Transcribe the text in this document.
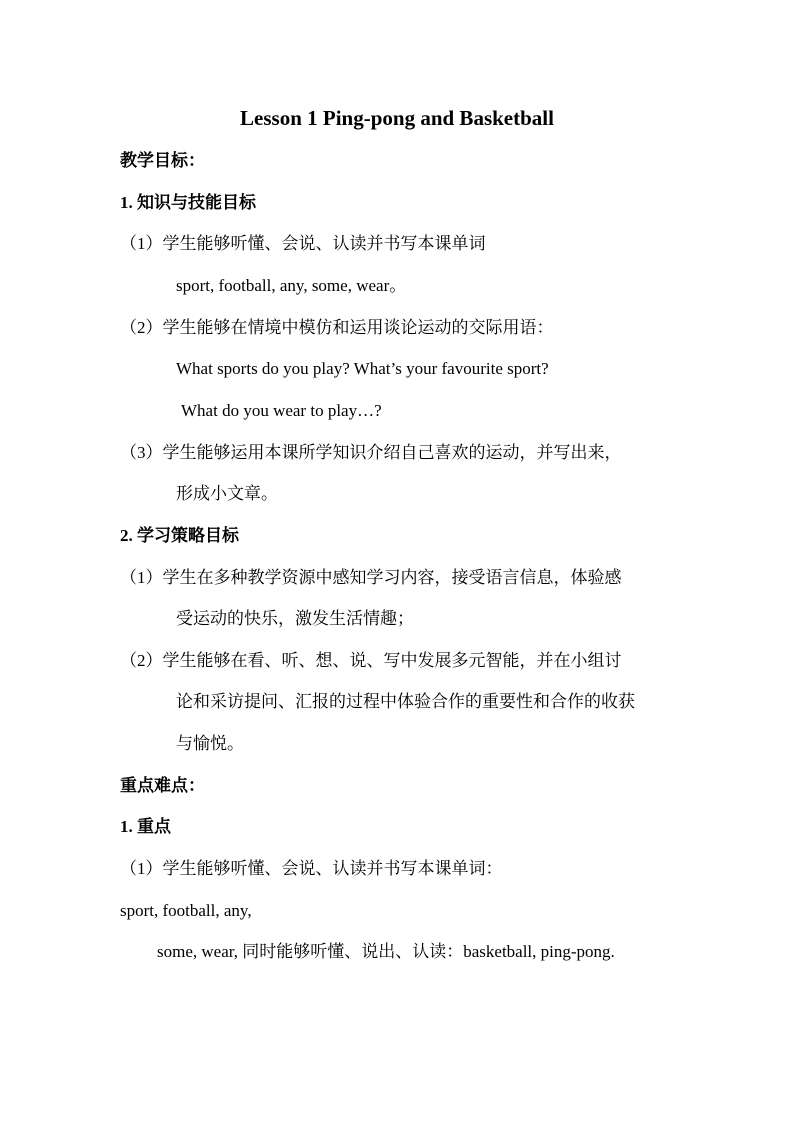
Lesson 1 Ping-pong and Basketball
教学目标：
1. 知识与技能目标
（1）学生能够听懂、会说、认读并书写本课单词
sport, football, any, some, wear。
（2）学生能够在情境中模仿和运用谈论运动的交际用语：
What sports do you play? What’s your favourite sport?
What do you wear to play…?
（3）学生能够运用本课所学知识介绍自己喜欢的运动，并写出来，
形成小文章。
2. 学习策略目标
（1）学生在多种教学资源中感知学习内容，接受语言信息，体验感
受运动的快乐，激发生活情趣；
（2）学生能够在看、听、想、说、写中发展多元智能，并在小组讨
论和采访提问、汇报的过程中体验合作的重要性和合作的收获
与愉悦。
重点难点：
1. 重点
（1）学生能够听懂、会说、认读并书写本课单词：
sport, football, any,
some, wear, 同时能够听懂、说出、认读：basketball, ping-pong.
